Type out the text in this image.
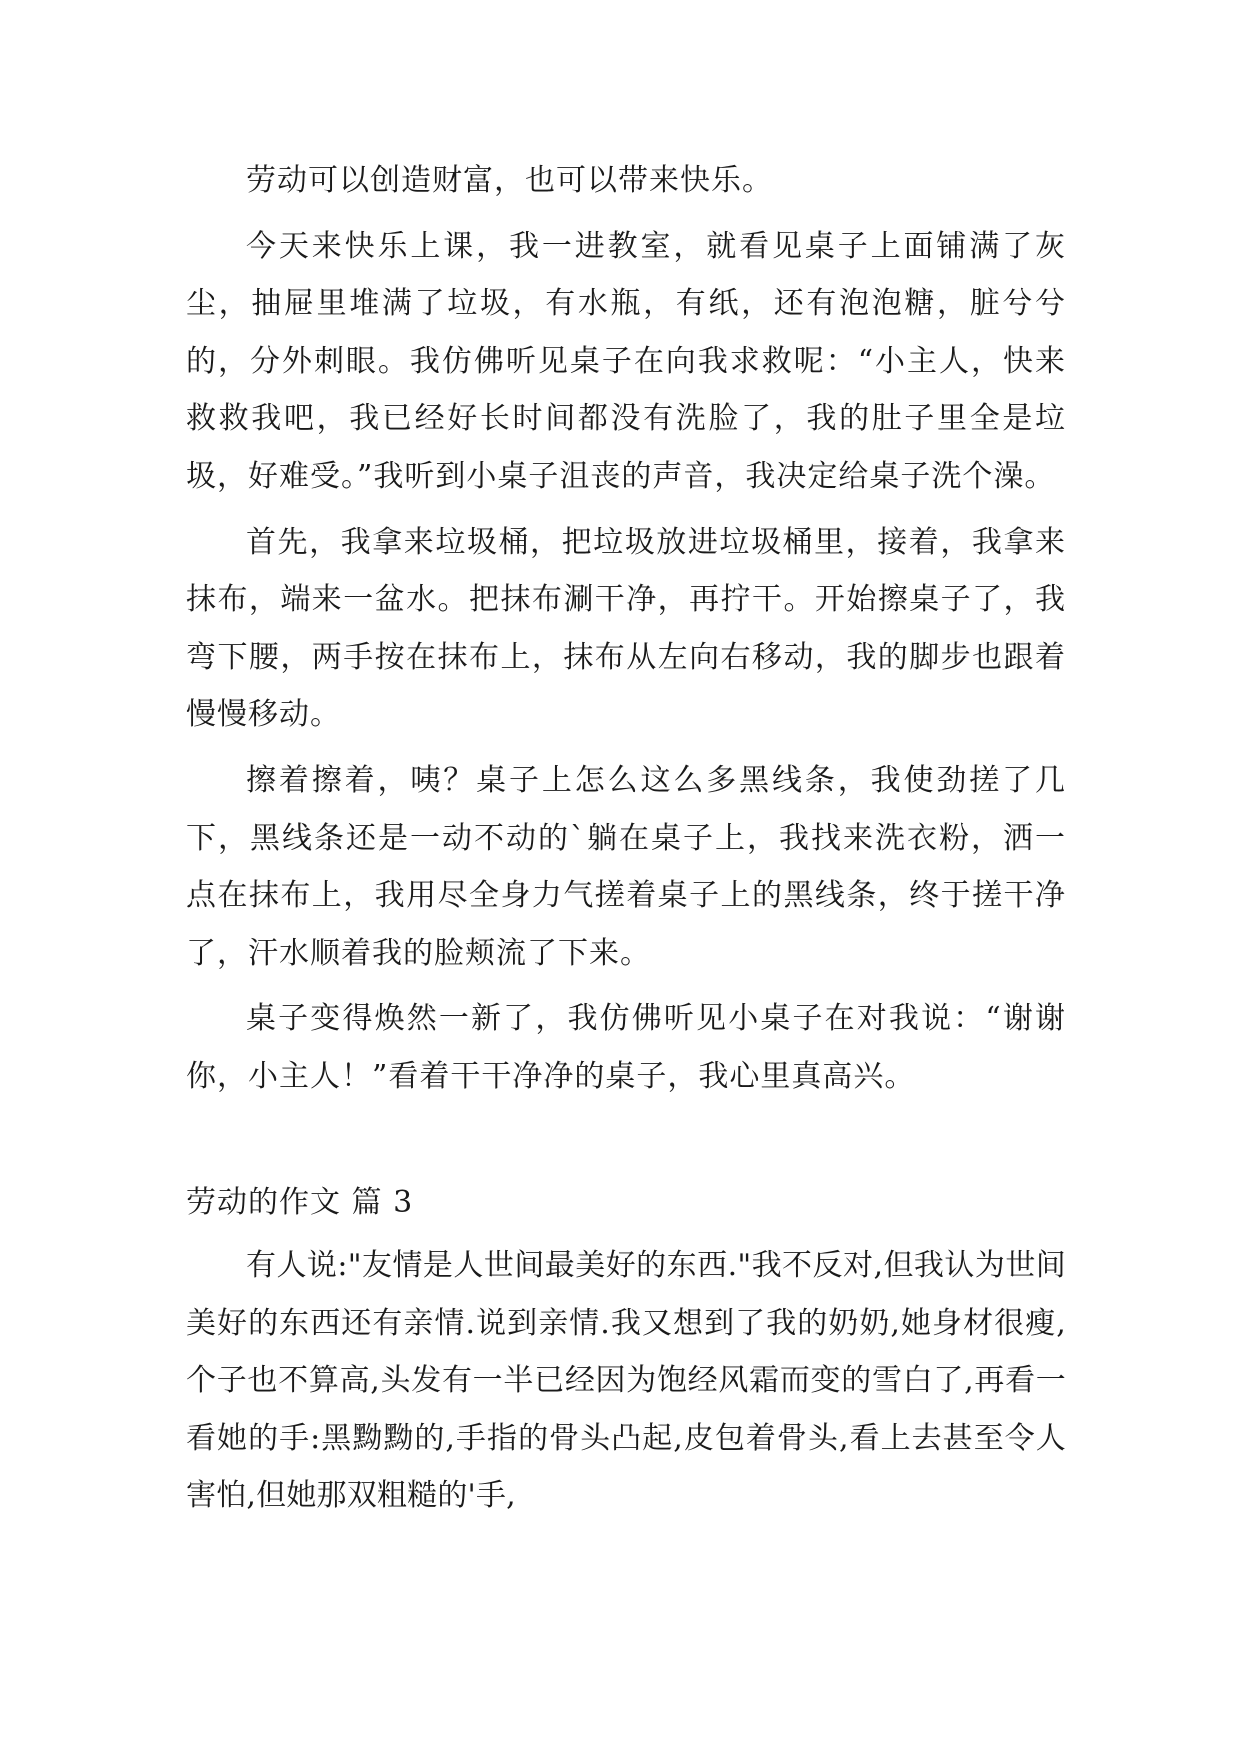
劳动可以创造财富，也可以带来快乐。

今天来快乐上课，我一进教室，就看见桌子上面铺满了灰尘，抽屉里堆满了垃圾，有水瓶，有纸，还有泡泡糖，脏兮兮的，分外刺眼。我仿佛听见桌子在向我求救呢：“小主人，快来救救我吧，我已经好长时间都没有洗脸了，我的肚子里全是垃圾，好难受。”我听到小桌子沮丧的声音，我决定给桌子洗个澡。

首先，我拿来垃圾桶，把垃圾放进垃圾桶里，接着，我拿来抹布，端来一盆水。把抹布涮干净，再拧干。开始擦桌子了，我弯下腰，两手按在抹布上，抹布从左向右移动，我的脚步也跟着慢慢移动。

擦着擦着，咦？桌子上怎么这么多黑线条，我使劲搓了几下，黑线条还是一动不动的`躺在桌子上，我找来洗衣粉，洒一点在抹布上，我用尽全身力气搓着桌子上的黑线条，终于搓干净了，汗水顺着我的脸颊流了下来。

桌子变得焕然一新了，我仿佛听见小桌子在对我说：“谢谢你，小主人！”看着干干净净的桌子，我心里真高兴。

劳动的作文 篇 3

有人说:"友情是人世间最美好的东西."我不反对,但我认为世间美好的东西还有亲情.说到亲情.我又想到了我的奶奶,她身材很瘦,个子也不算高,头发有一半已经因为饱经风霜而变的雪白了,再看一看她的手:黑黝黝的,手指的骨头凸起,皮包着骨头,看上去甚至令人害怕,但她那双粗糙的'手,
